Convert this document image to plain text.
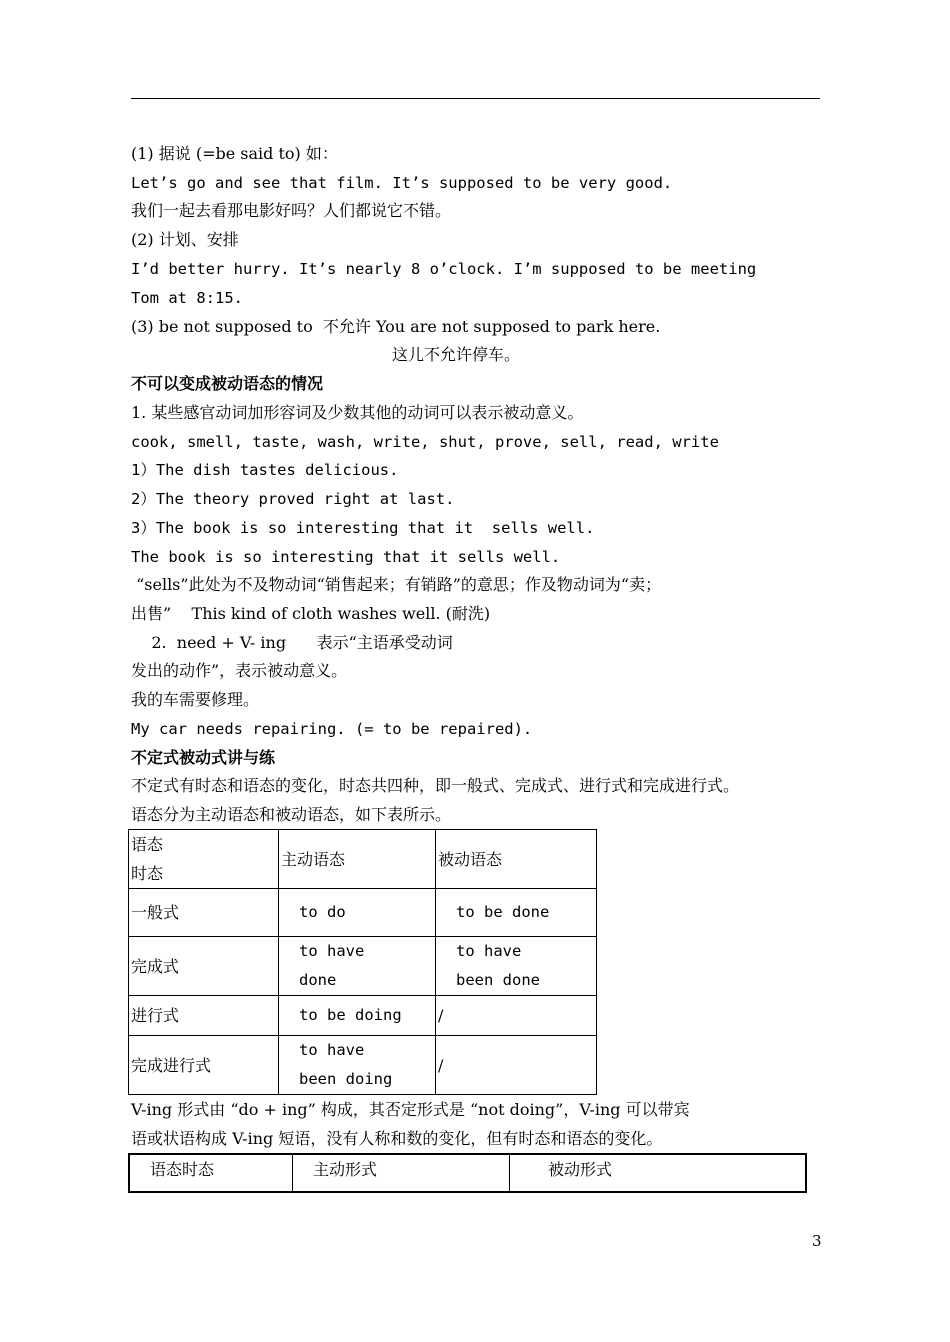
(1) 据说 (=be said to) 如：
Let’s go and see that film. It’s supposed to be very good.
我们一起去看那电影好吗？人们都说它不错。
(2) 计划、安排
I’d better hurry. It’s nearly 8 o’clock. I’m supposed to be meeting
Tom at 8:15.
(3) be not supposed to  不允许 You are not supposed to park here.
这儿不允许停车。
不可以变成被动语态的情况
1. 某些感官动词加形容词及少数其他的动词可以表示被动意义。
cook, smell, taste, wash, write, shut, prove, sell, read, write
1）The dish tastes delicious.
2）The theory proved right at last.
3）The book is so interesting that it  sells well.
The book is so interesting that it sells well.
“sells”此处为不及物动词“销售起来；有销路”的意思；作及物动词为“卖；
出售”    This kind of cloth washes well. (耐洗)
2.  need + V- ing      表示“主语承受动词
发出的动作”，表示被动意义。
我的车需要修理。
My car needs repairing. (= to be repaired).
不定式被动式讲与练
不定式有时态和语态的变化，时态共四种，即一般式、完成式、进行式和完成进行式。
语态分为主动语态和被动语态，如下表所示。
语态
时态	主动语态	被动语态
一般式	to do	to be done
完成式	to have done	to have been done
进行式	to be doing	/
完成进行式	to have been doing	/
V-ing 形式由 “do + ing” 构成，其否定形式是 “not doing”，V-ing 可以带宾
语或状语构成 V-ing 短语，没有人称和数的变化，但有时态和语态的变化。
语态时态	主动形式	被动形式
3
